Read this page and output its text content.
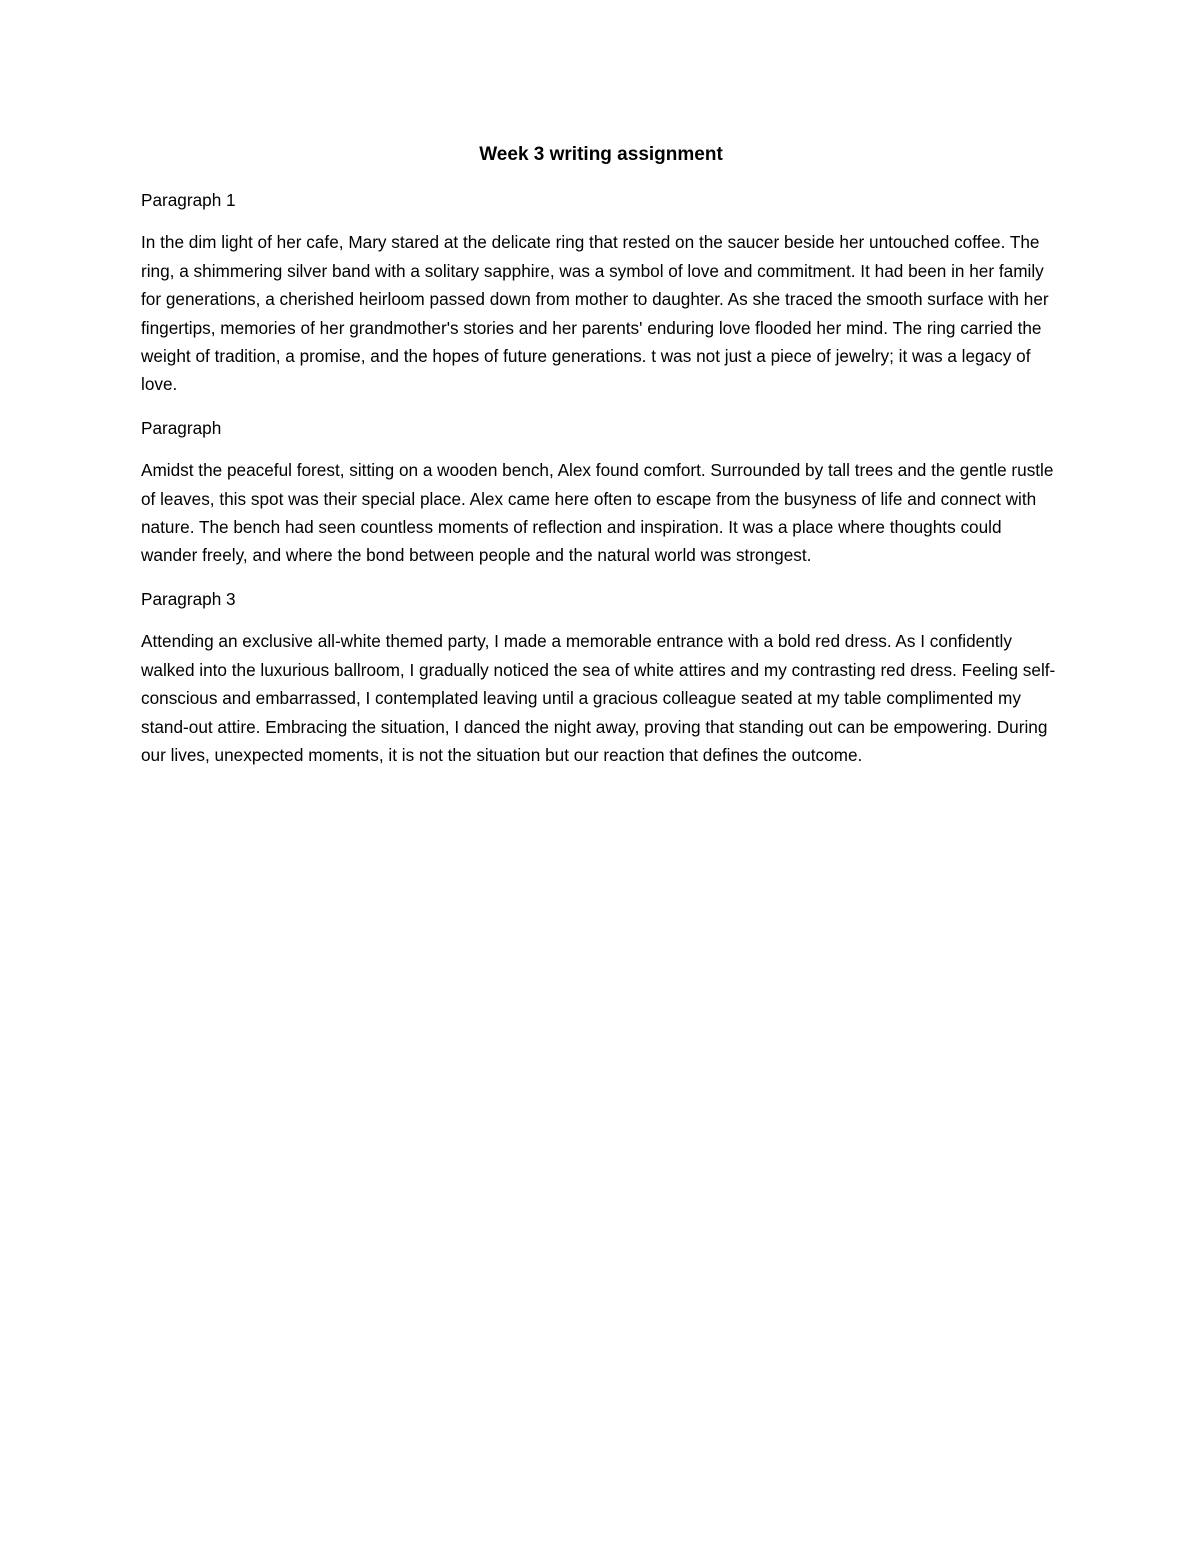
Week 3 writing assignment
Paragraph 1
In the dim light of her cafe, Mary stared at the delicate ring that rested on the saucer beside her untouched coffee. The ring, a shimmering silver band with a solitary sapphire, was a symbol of love and commitment. It had been in her family for generations, a cherished heirloom passed down from mother to daughter. As she traced the smooth surface with her fingertips, memories of her grandmother's stories and her parents' enduring love flooded her mind. The ring carried the weight of tradition, a promise, and the hopes of future generations. t was not just a piece of jewelry; it was a legacy of love.
Paragraph
Amidst the peaceful forest, sitting on a wooden bench, Alex found comfort. Surrounded by tall trees and the gentle rustle of leaves, this spot was their special place. Alex came here often to escape from the busyness of life and connect with nature. The bench had seen countless moments of reflection and inspiration. It was a place where thoughts could wander freely, and where the bond between people and the natural world was strongest.
Paragraph 3
Attending an exclusive all-white themed party, I made a memorable entrance with a bold red dress. As I confidently walked into the luxurious ballroom, I gradually noticed the sea of white attires and my contrasting red dress. Feeling self-conscious and embarrassed, I contemplated leaving until a gracious colleague seated at my table complimented my stand-out attire. Embracing the situation, I danced the night away, proving that standing out can be empowering. During our lives, unexpected moments, it is not the situation but our reaction that defines the outcome.
